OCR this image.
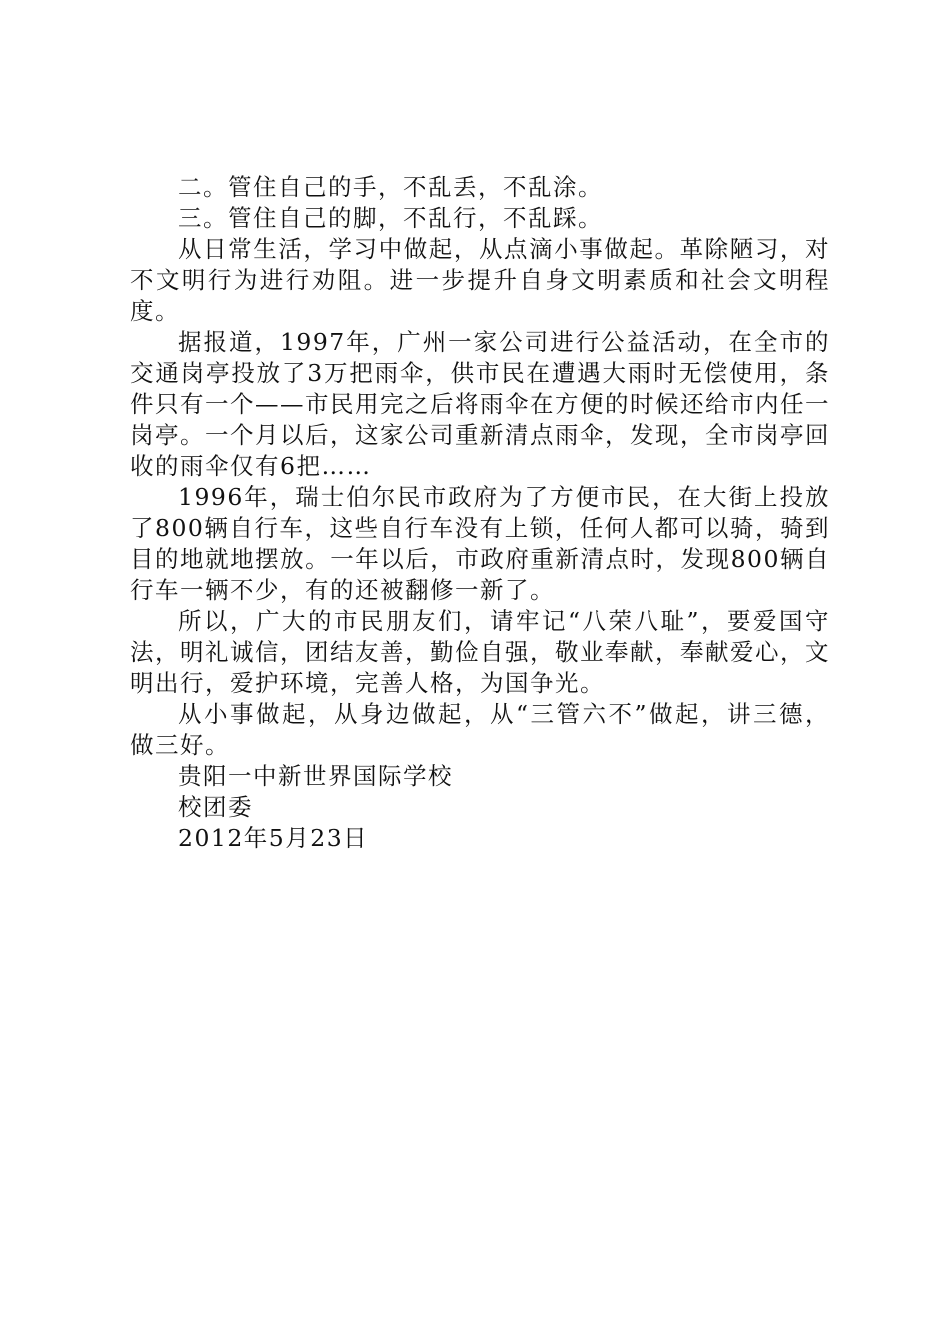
二。管住自己的手，不乱丢，不乱涂。

三。管住自己的脚，不乱行，不乱踩。

从日常生活，学习中做起，从点滴小事做起。革除陋习，对不文明行为进行劝阻。进一步提升自身文明素质和社会文明程度。

据报道，1997年，广州一家公司进行公益活动，在全市的交通岗亭投放了3万把雨伞，供市民在遭遇大雨时无偿使用，条件只有一个——市民用完之后将雨伞在方便的时候还给市内任一岗亭。一个月以后，这家公司重新清点雨伞，发现，全市岗亭回收的雨伞仅有6把……

1996年，瑞士伯尔民市政府为了方便市民，在大街上投放了800辆自行车，这些自行车没有上锁，任何人都可以骑，骑到目的地就地摆放。一年以后，市政府重新清点时，发现800辆自行车一辆不少，有的还被翻修一新了。

所以，广大的市民朋友们，请牢记“八荣八耻”，要爱国守法，明礼诚信，团结友善，勤俭自强，敬业奉献，奉献爱心，文明出行，爱护环境，完善人格，为国争光。

从小事做起，从身边做起，从“三管六不”做起，讲三德，做三好。

贵阳一中新世界国际学校

校团委

2012年5月23日
